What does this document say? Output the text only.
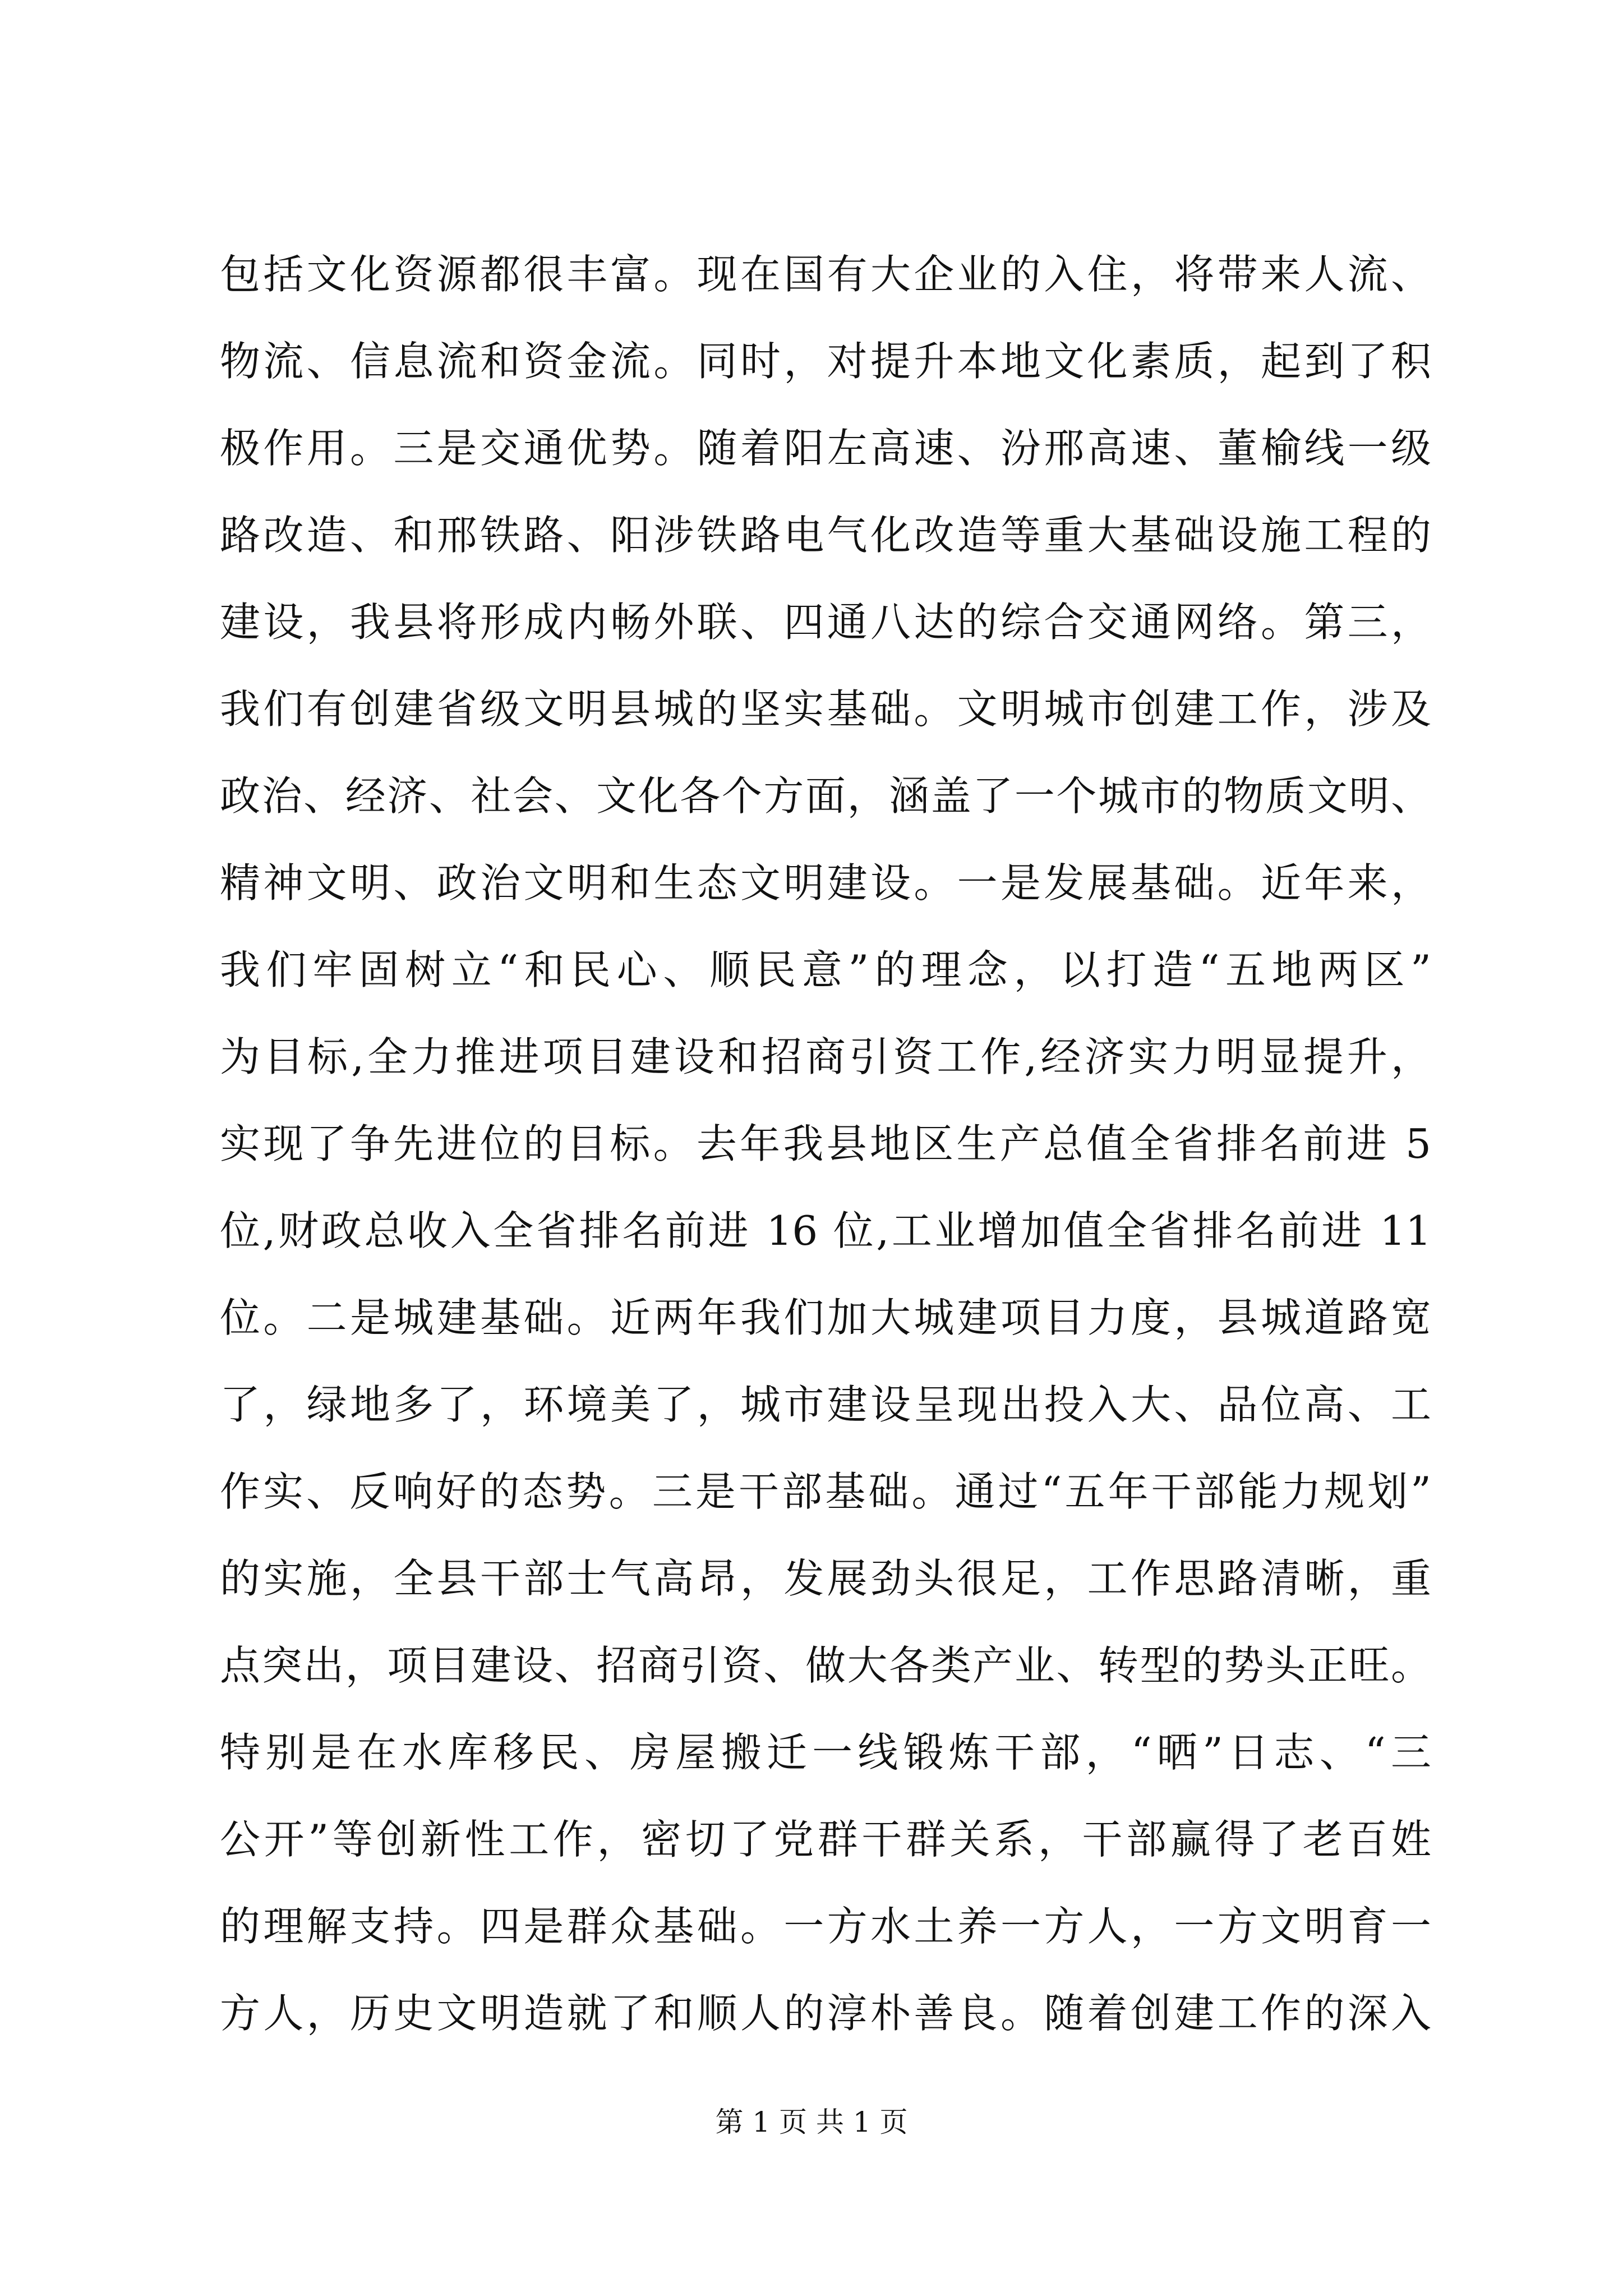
包括文化资源都很丰富。现在国有大企业的入住，将带来人流、
物流、信息流和资金流。同时，对提升本地文化素质，起到了积
极作用。三是交通优势。随着阳左高速、汾邢高速、董榆线一级
路改造、和邢铁路、阳涉铁路电气化改造等重大基础设施工程的
建设，我县将形成内畅外联、四通八达的综合交通网络。第三，
我们有创建省级文明县城的坚实基础。文明城市创建工作，涉及
政治、经济、社会、文化各个方面，涵盖了一个城市的物质文明、
精神文明、政治文明和生态文明建设。一是发展基础。近年来，
我们牢固树立“和民心、顺民意”的理念，以打造“五地两区”
为目标,全力推进项目建设和招商引资工作,经济实力明显提升，
实现了争先进位的目标。去年我县地区生产总值全省排名前进 5
位,财政总收入全省排名前进 16 位,工业增加值全省排名前进 11
位。二是城建基础。近两年我们加大城建项目力度，县城道路宽
了，绿地多了，环境美了，城市建设呈现出投入大、品位高、工
作实、反响好的态势。三是干部基础。通过“五年干部能力规划”
的实施，全县干部士气高昂，发展劲头很足，工作思路清晰，重
点突出，项目建设、招商引资、做大各类产业、转型的势头正旺。
特别是在水库移民、房屋搬迁一线锻炼干部，“晒”日志、“三
公开”等创新性工作，密切了党群干群关系，干部赢得了老百姓
的理解支持。四是群众基础。一方水土养一方人，一方文明育一
方人，历史文明造就了和顺人的淳朴善良。随着创建工作的深入
第 1 页 共 1 页
